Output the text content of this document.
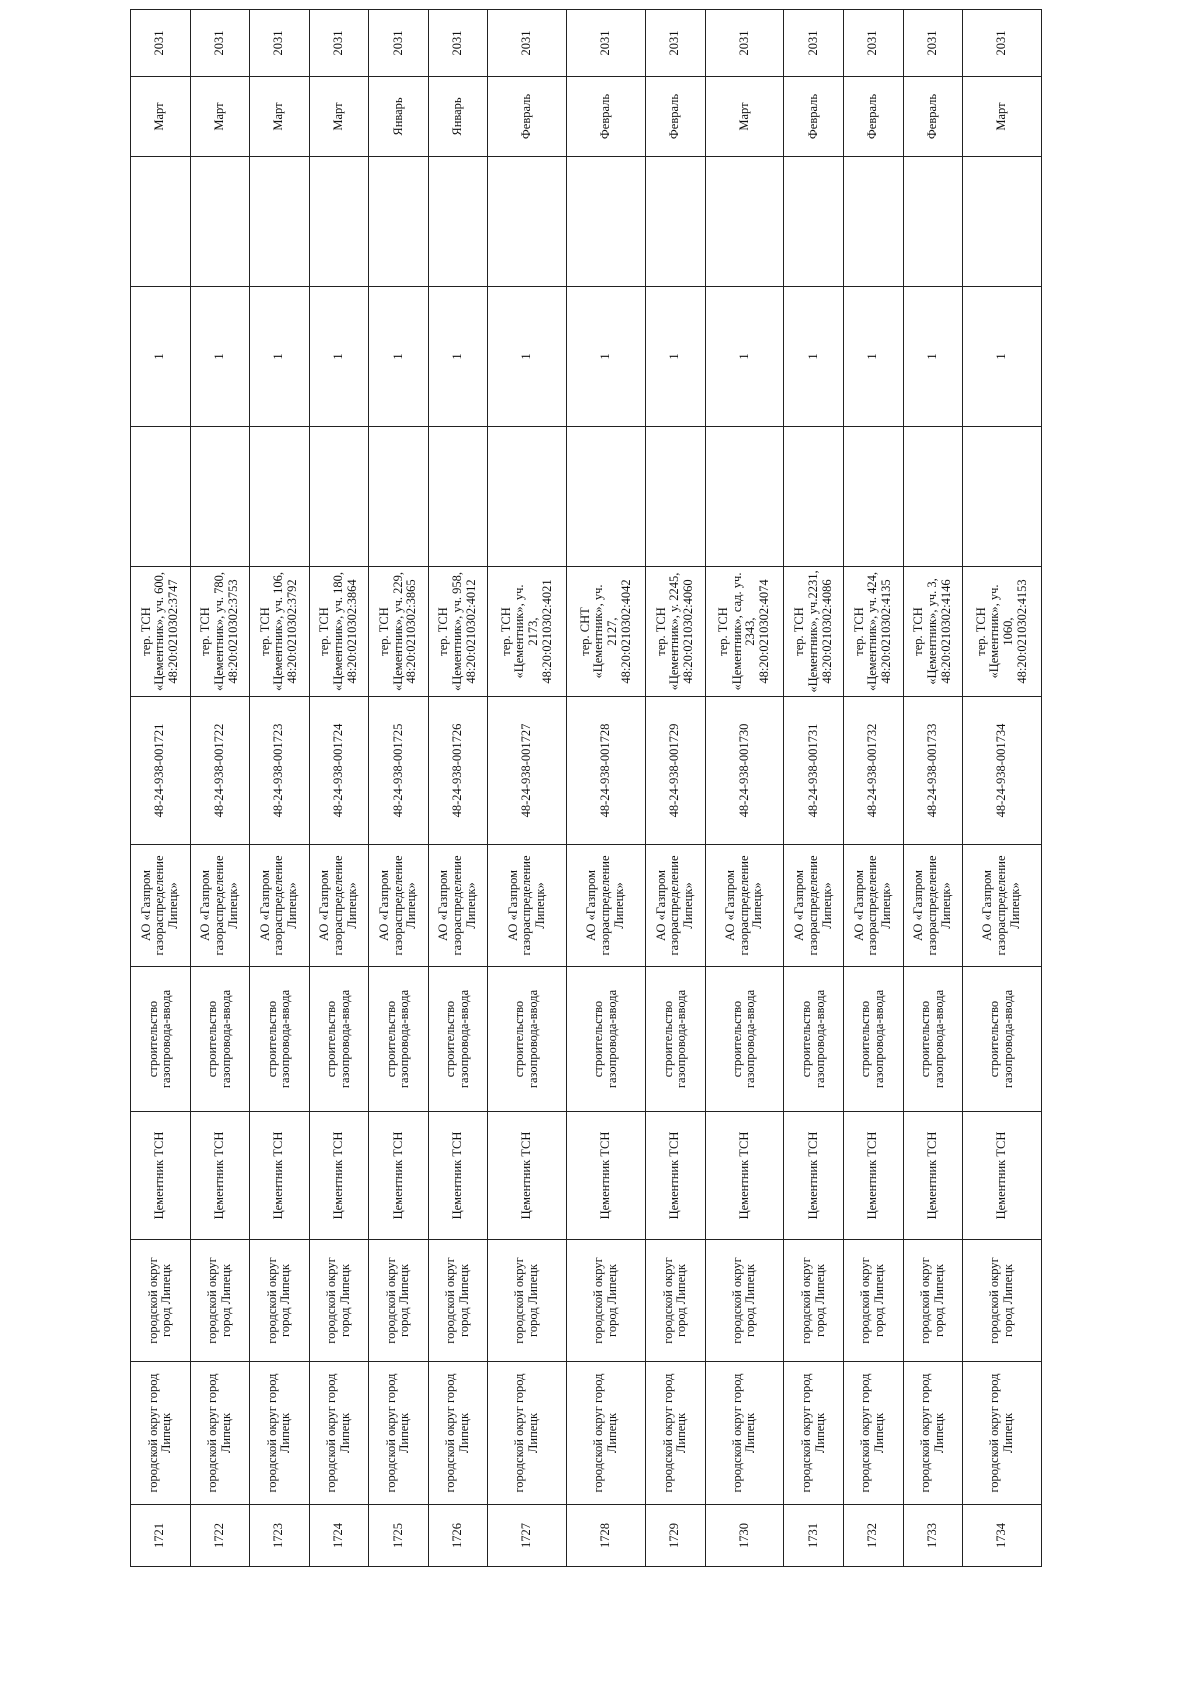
1721	городской округ город Липецк	городской округ город Липецк	Цементник ТСН	строительство газопровода-ввода	АО «Газпром газораспределение Липецк»	48-24-938-001721	тер. ТСН «Цементник», уч. 600, 48:20:0210302:3747		1		Март	2031
1722	городской округ город Липецк	городской округ город Липецк	Цементник ТСН	строительство газопровода-ввода	АО «Газпром газораспределение Липецк»	48-24-938-001722	тер. ТСН «Цементник», уч. 780, 48:20:0210302:3753		1		Март	2031
1723	городской округ город Липецк	городской округ город Липецк	Цементник ТСН	строительство газопровода-ввода	АО «Газпром газораспределение Липецк»	48-24-938-001723	тер. ТСН «Цементник», уч. 106, 48:20:0210302:3792		1		Март	2031
1724	городской округ город Липецк	городской округ город Липецк	Цементник ТСН	строительство газопровода-ввода	АО «Газпром газораспределение Липецк»	48-24-938-001724	тер. ТСН «Цементник», уч. 180, 48:20:0210302:3864		1		Март	2031
1725	городской округ город Липецк	городской округ город Липецк	Цементник ТСН	строительство газопровода-ввода	АО «Газпром газораспределение Липецк»	48-24-938-001725	тер. ТСН «Цементник», уч. 229, 48:20:0210302:3865		1		Январь	2031
1726	городской округ город Липецк	городской округ город Липецк	Цементник ТСН	строительство газопровода-ввода	АО «Газпром газораспределение Липецк»	48-24-938-001726	тер. ТСН «Цементник», уч. 958, 48:20:0210302:4012		1		Январь	2031
1727	городской округ город Липецк	городской округ город Липецк	Цементник ТСН	строительство газопровода-ввода	АО «Газпром газораспределение Липецк»	48-24-938-001727	тер. ТСН «Цементник», уч. 2173, 48:20:0210302:4021		1		Февраль	2031
1728	городской округ город Липецк	городской округ город Липецк	Цементник ТСН	строительство газопровода-ввода	АО «Газпром газораспределение Липецк»	48-24-938-001728	тер. СНТ «Цементник», уч. 2127, 48:20:0210302:4042		1		Февраль	2031
1729	городской округ город Липецк	городской округ город Липецк	Цементник ТСН	строительство газопровода-ввода	АО «Газпром газораспределение Липецк»	48-24-938-001729	тер. ТСН «Цементник», у. 2245, 48:20:0210302:4060		1		Февраль	2031
1730	городской округ город Липецк	городской округ город Липецк	Цементник ТСН	строительство газопровода-ввода	АО «Газпром газораспределение Липецк»	48-24-938-001730	тер. ТСН «Цементник», сад. уч. 2343, 48:20:0210302:4074		1		Март	2031
1731	городской округ город Липецк	городской округ город Липецк	Цементник ТСН	строительство газопровода-ввода	АО «Газпром газораспределение Липецк»	48-24-938-001731	тер. ТСН «Цементник», уч.2231, 48:20:0210302:4086		1		Февраль	2031
1732	городской округ город Липецк	городской округ город Липецк	Цементник ТСН	строительство газопровода-ввода	АО «Газпром газораспределение Липецк»	48-24-938-001732	тер. ТСН «Цементник», уч. 424, 48:20:0210302:4135		1		Февраль	2031
1733	городской округ город Липецк	городской округ город Липецк	Цементник ТСН	строительство газопровода-ввода	АО «Газпром газораспределение Липецк»	48-24-938-001733	тер. ТСН «Цементник», уч. 3, 48:20:0210302:4146		1		Февраль	2031
1734	городской округ город Липецк	городской округ город Липецк	Цементник ТСН	строительство газопровода-ввода	АО «Газпром газораспределение Липецк»	48-24-938-001734	тер. ТСН «Цементник», уч. 1060, 48:20:0210302:4153		1		Март	2031
